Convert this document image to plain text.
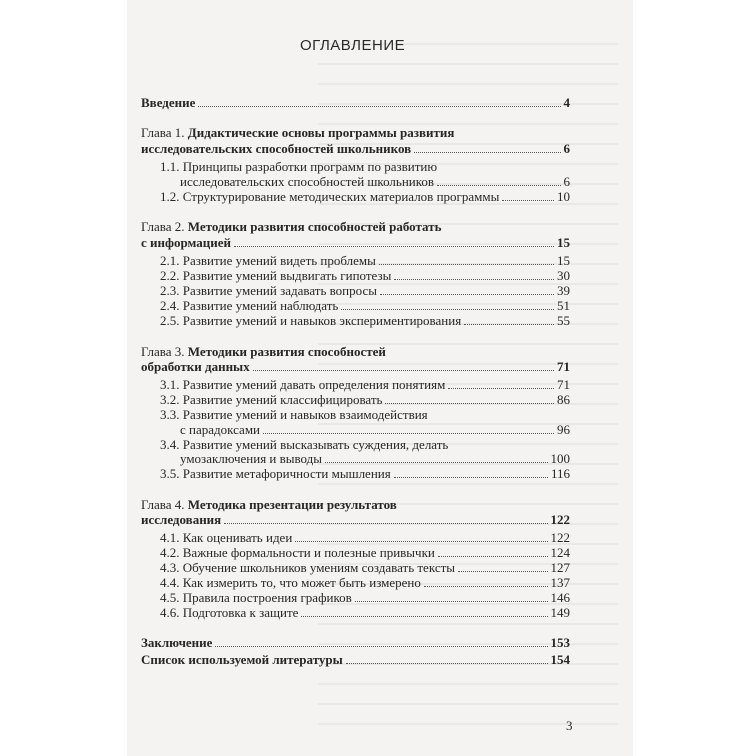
ОГЛАВЛЕНИЕ
Введение	4
Глава 1. Дидактические основы программы развития
исследовательских способностей школьников	6
1.1. Принципы разработки программ по развитию
исследовательских способностей школьников	6
1.2. Структурирование методических материалов программы	10
Глава 2. Методики развития способностей работать
с информацией	15
2.1. Развитие умений видеть проблемы	15
2.2. Развитие умений выдвигать гипотезы	30
2.3. Развитие умений задавать вопросы	39
2.4. Развитие умений наблюдать	51
2.5. Развитие умений и навыков экспериментирования	55
Глава 3. Методики развития способностей
обработки данных	71
3.1. Развитие умений давать определения понятиям	71
3.2. Развитие умений классифицировать	86
3.3. Развитие умений и навыков взаимодействия
с парадоксами	96
3.4. Развитие умений высказывать суждения, делать
умозаключения и выводы	100
3.5. Развитие метафоричности мышления	116
Глава 4. Методика презентации результатов
исследования	122
4.1. Как оценивать идеи	122
4.2. Важные формальности и полезные привычки	124
4.3. Обучение школьников умениям создавать тексты	127
4.4. Как измерить то, что может быть измерено	137
4.5. Правила построения графиков	146
4.6. Подготовка к защите	149
Заключение	153
Список используемой литературы	154
3
